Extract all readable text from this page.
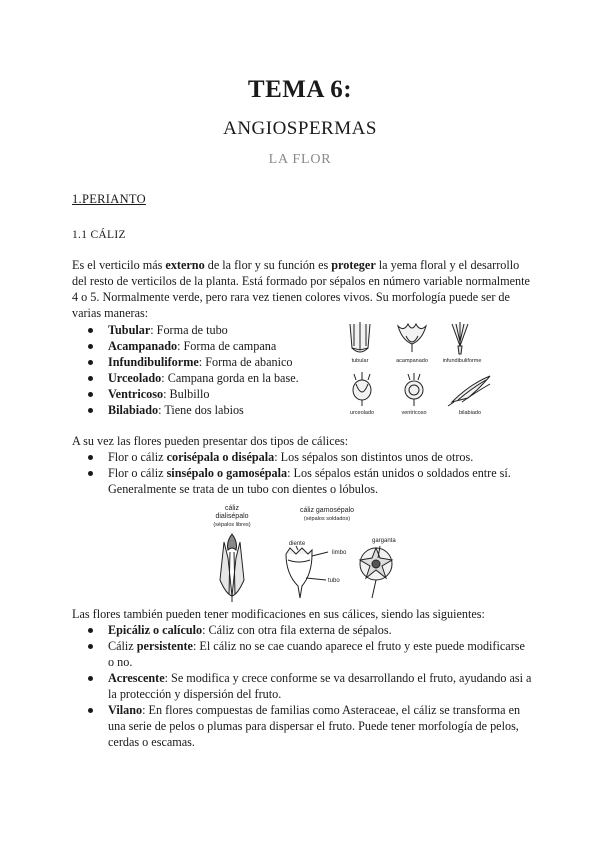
TEMA 6:
ANGIOSPERMAS
LA FLOR
1.PERIANTO
1.1 CÁLIZ

Es el verticilo más externo de la flor y su función es proteger la yema floral y el desarrollo del resto de verticilos de la planta. Está formado por sépalos en número variable normalmente 4 o 5. Normalmente verde, pero rara vez tienen colores vivos. Su morfología puede ser de varias maneras:

Tubular: Forma de tubo
Acampanado: Forma de campana
Infundibuliforme: Forma de abanico
Urceolado: Campana gorda en la base.
Ventricoso: Bulbillo
Bilabiado: Tiene dos labios
tubular	acampanado	infundibuliforme
urceolado	ventricoso	bilabiado

A su vez las flores pueden presentar dos tipos de cálices:

Flor o cáliz corisépala o disépala: Los sépalos son distintos unos de otros.
Flor o cáliz sinsépalo o gamosépala: Los sépalos están unidos o soldados entre sí. Generalmente se trata de un tubo con dientes o lóbulos.
cáliz
dialisépalo
(sépalos libres)
cáliz gamosépalo
(sépalos soldados)
diente
limbo
tubo
garganta

Las flores también pueden tener modificaciones en sus cálices, siendo las siguientes:

Epicáliz o calículo: Cáliz con otra fila externa de sépalos.
Cáliz persistente: El cáliz no se cae cuando aparece el fruto y este puede modificarse o no.
Acrescente: Se modifica y crece conforme se va desarrollando el fruto, ayudando asi a la protección y dispersión del fruto.
Vilano: En flores compuestas de familias como Asteraceae, el cáliz se transforma en una serie de pelos o plumas para dispersar el fruto. Puede tener morfología de pelos, cerdas o escamas.
